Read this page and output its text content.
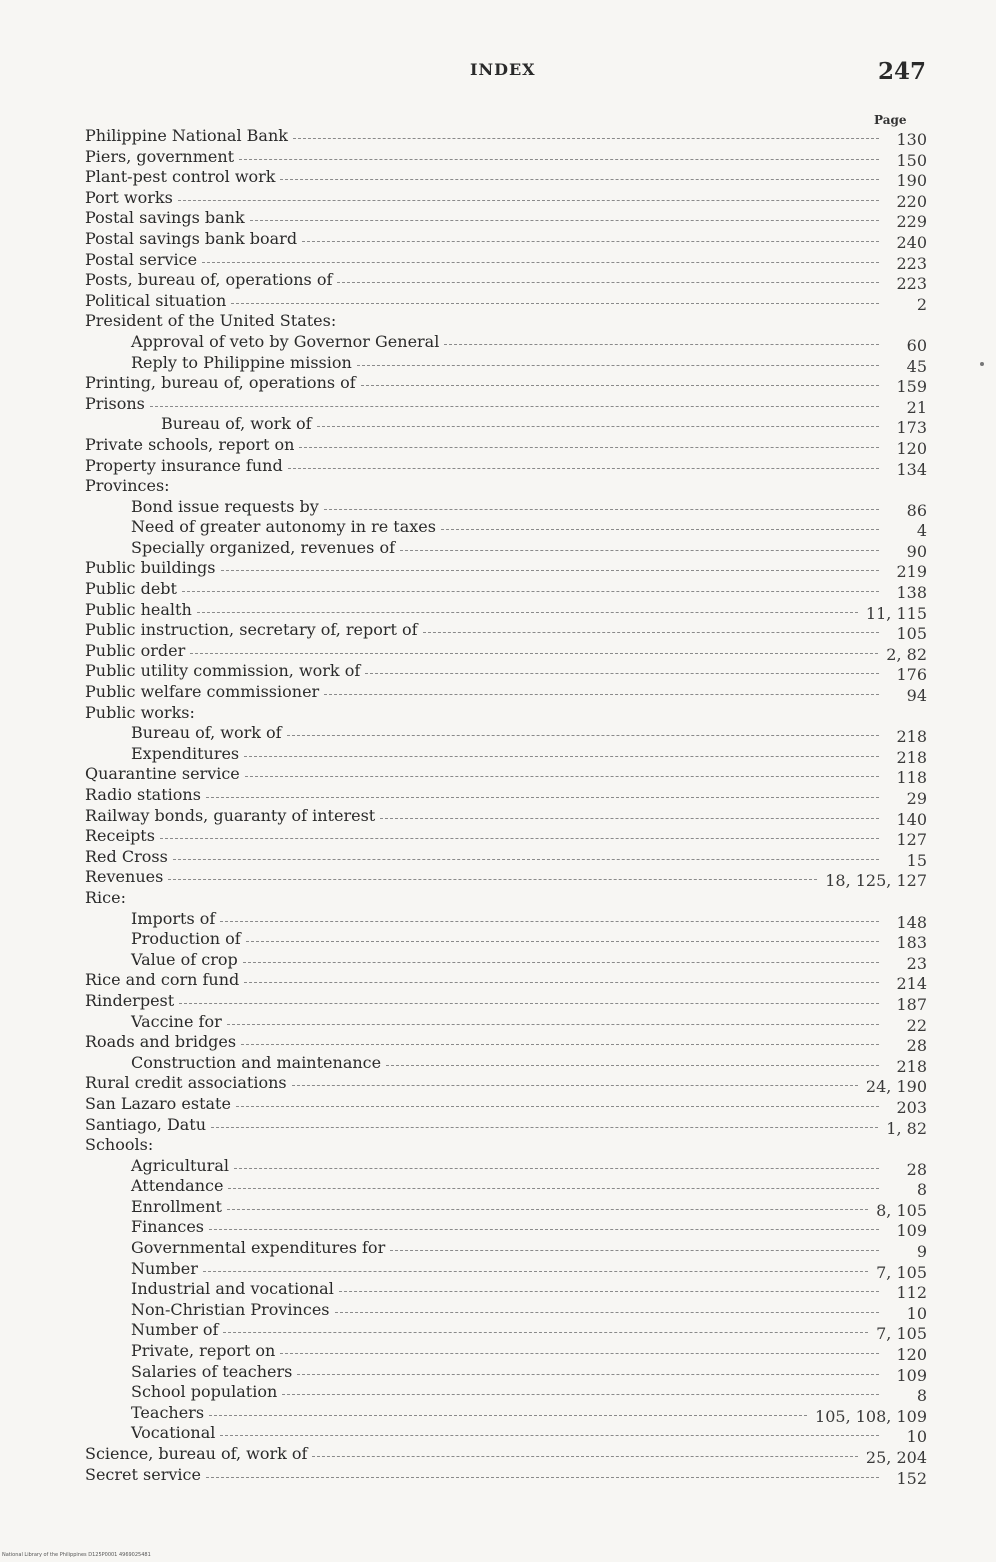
INDEX	247
Page
Philippine National Bank	130
Piers, government	150
Plant-pest control work	190
Port works	220
Postal savings bank	229
Postal savings bank board	240
Postal service	223
Posts, bureau of, operations of	223
Political situation	2
President of the United States:
Approval of veto by Governor General	60
Reply to Philippine mission	45
Printing, bureau of, operations of	159
Prisons	21
Bureau of, work of	173
Private schools, report on	120
Property insurance fund	134
Provinces:
Bond issue requests by	86
Need of greater autonomy in re taxes	4
Specially organized, revenues of	90
Public buildings	219
Public debt	138
Public health	11, 115
Public instruction, secretary of, report of	105
Public order	2, 82
Public utility commission, work of	176
Public welfare commissioner	94
Public works:
Bureau of, work of	218
Expenditures	218
Quarantine service	118
Radio stations	29
Railway bonds, guaranty of interest	140
Receipts	127
Red Cross	15
Revenues	18, 125, 127
Rice:
Imports of	148
Production of	183
Value of crop	23
Rice and corn fund	214
Rinderpest	187
Vaccine for	22
Roads and bridges	28
Construction and maintenance	218
Rural credit associations	24, 190
San Lazaro estate	203
Santiago, Datu	1, 82
Schools:
Agricultural	28
Attendance	8
Enrollment	8, 105
Finances	109
Governmental expenditures for	9
Number	7, 105
Industrial and vocational	112
Non-Christian Provinces	10
Number of	7, 105
Private, report on	120
Salaries of teachers	109
School population	8
Teachers	105, 108, 109
Vocational	10
Science, bureau of, work of	25, 204
Secret service	152
National Library of the Philippines D125P0001 4969025481
